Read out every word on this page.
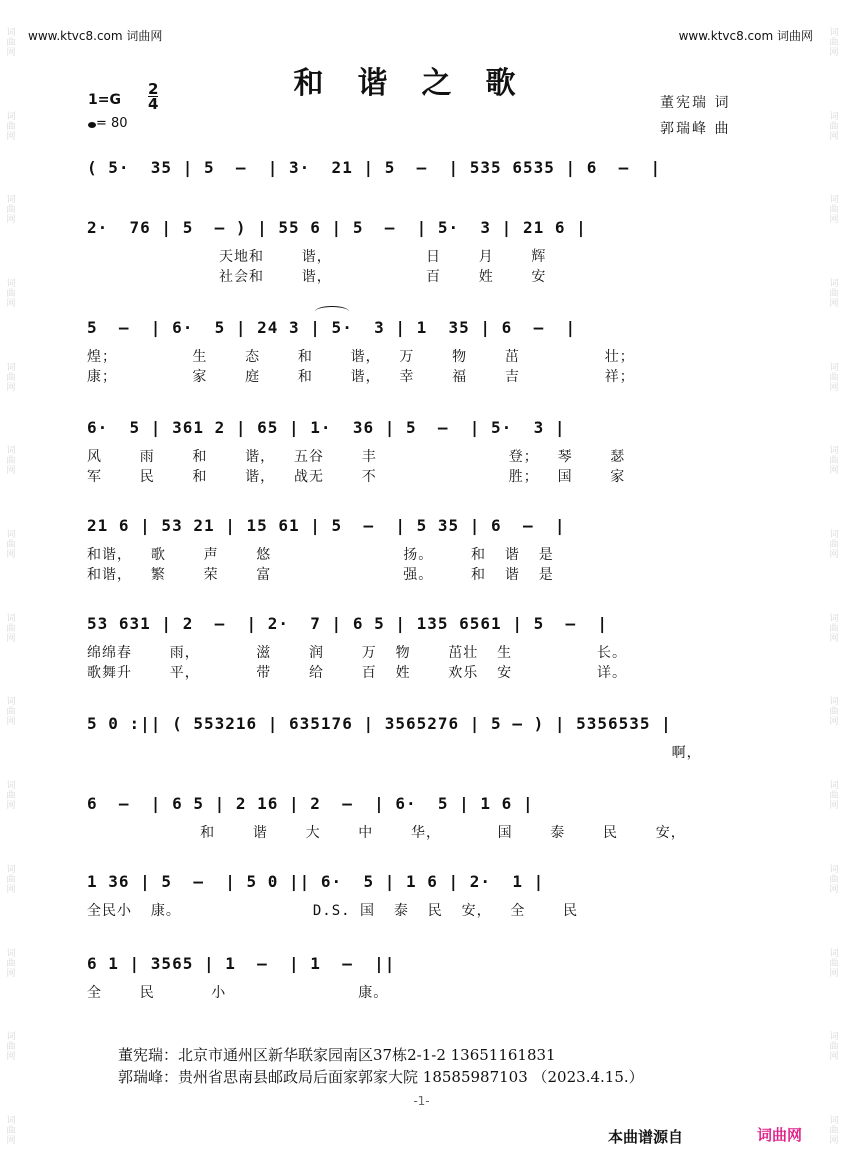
词曲网
词曲网
词曲网
词曲网
词曲网
词曲网
词曲网
词曲网
词曲网
词曲网
词曲网
词曲网
词曲网
词曲网
词曲网
词曲网
词曲网
词曲网
词曲网
词曲网
词曲网
词曲网
词曲网
词曲网
词曲网
词曲网
词曲网
词曲网
www.ktvc8.com 词曲网	www.ktvc8.com 词曲网
和谐之歌
1=G
2
4
= 80
董宪瑞 词
郭瑞峰 曲
( 5·  35 | 5  –  | 3·  21 | 5  –  | 535 6535 | 6  –  |
2·  76 | 5  – ) | 55 6 | 5  –  | 5·  3 | 21 6 |
天地和    谐，          日    月    辉
社会和    谐，          百    姓    安
5  –  | 6·  5 | 24 3 | 5·  3 | 1  35 | 6  –  |
煌；        生    态    和    谐，  万    物    茁         壮；
康；        家    庭    和    谐，  幸    福    吉         祥；
6·  5 | 361 2 | 65 | 1·  36 | 5  –  | 5·  3 |
风    雨    和    谐，  五谷    丰              登；  琴    瑟
军    民    和    谐，  战无    不              胜；  国    家
21 6 | 53 21 | 15 61 | 5  –  | 5 35 | 6  –  |
和谐，  歌    声    悠              扬。    和  谐  是
和谐，  繁    荣    富              强。    和  谐  是
53 631 | 2  –  | 2·  7 | 6 5 | 135 6561 | 5  –  |
绵绵春    雨，      滋    润    万  物    茁壮  生         长。
歌舞升    平，      带    给    百  姓    欢乐  安         详。
5 0 :|| ( 553216 | 635176 | 3565276 | 5 – ) | 5356535 |
啊，
6  –  | 6 5 | 2 16 | 2  –  | 6·  5 | 1 6 |
和    谐    大    中    华，      国    泰    民    安，
1 36 | 5  –  | 5 0 || 6·  5 | 1 6 | 2·  1 |
全民小  康。              D.S. 国  泰  民  安，  全    民
6 1 | 3565 | 1  –  | 1  –  ||
全    民      小              康。
董宪瑞：北京市通州区新华联家园南区37栋2-1-2 13651161831
郭瑞峰：贵州省思南县邮政局后面家郭家大院 18585987103 （2023.4.15.）
-1-
本曲谱源自	词曲网
